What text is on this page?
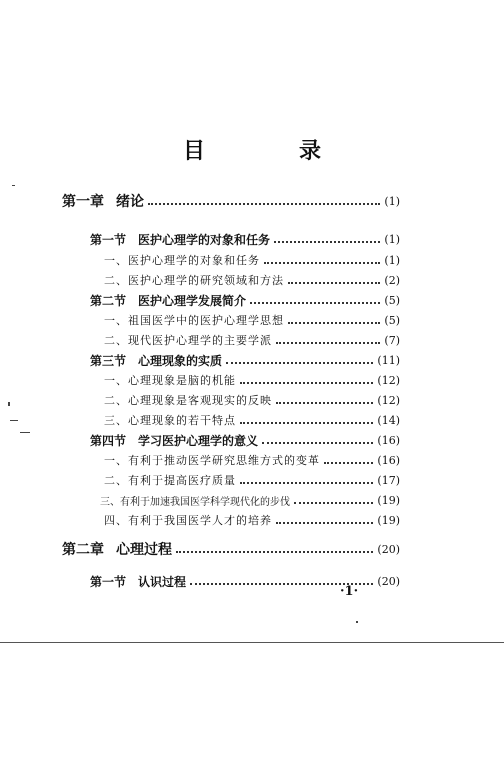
目　录
第一章 绪论	(1)
第一节 医护心理学的对象和任务	(1)
一、医护心理学的对象和任务	(1)
二、医护心理学的研究领域和方法	(2)
第二节 医护心理学发展简介	(5)
一、祖国医学中的医护心理学思想	(5)
二、现代医护心理学的主要学派	(7)
第三节 心理现象的实质	(11)
一、心理现象是脑的机能	(12)
二、心理现象是客观现实的反映	(12)
三、心理现象的若干特点	(14)
第四节 学习医护心理学的意义	(16)
一、有利于推动医学研究思维方式的变革	(16)
二、有利于提高医疗质量	(17)
三、有利于加速我国医学科学现代化的步伐	(19)
四、有利于我国医学人才的培养	(19)
第二章 心理过程	(20)
第一节 认识过程	(20)
·1·
